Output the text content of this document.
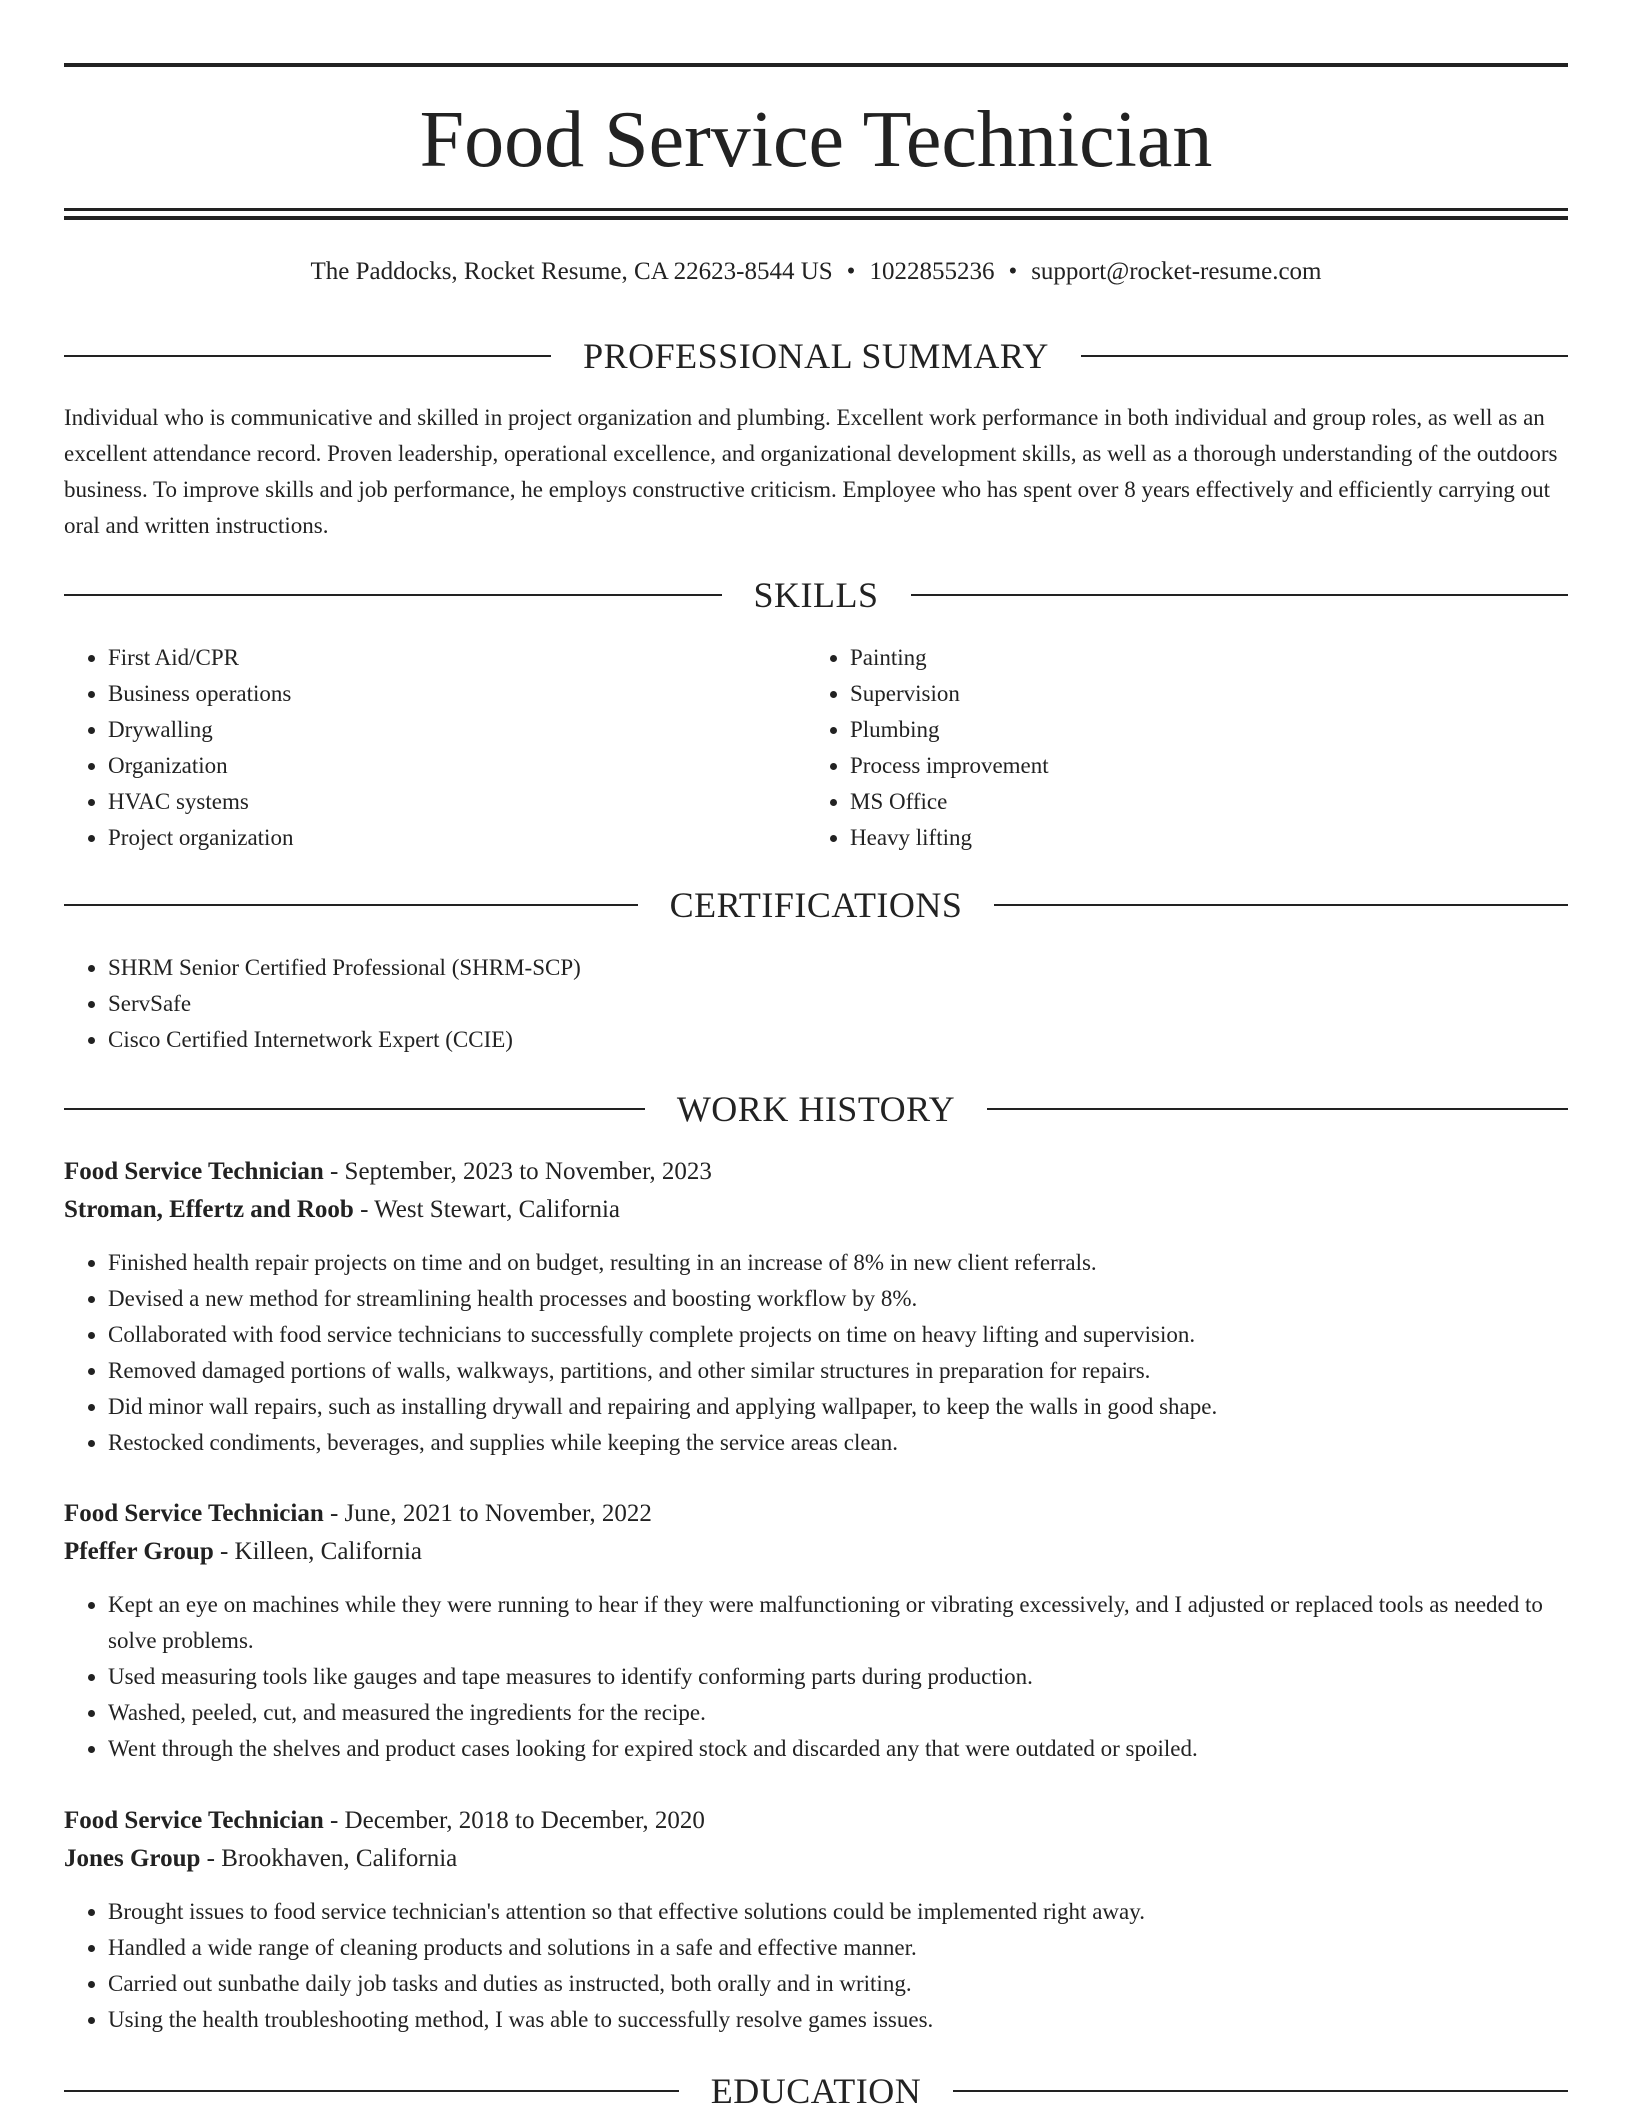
Food Service Technician
The Paddocks, Rocket Resume, CA 22623-8544 US • 1022855236 • support@rocket-resume.com
PROFESSIONAL SUMMARY

Individual who is communicative and skilled in project organization and plumbing. Excellent work performance in both individual and group roles, as well as an excellent attendance record. Proven leadership, operational excellence, and organizational development skills, as well as a thorough understanding of the outdoors business. To improve skills and job performance, he employs constructive criticism. Employee who has spent over 8 years effectively and efficiently carrying out oral and written instructions.

SKILLS
• First Aid/CPR
• Business operations
• Drywalling
• Organization
• HVAC systems
• Project organization
• Painting
• Supervision
• Plumbing
• Process improvement
• MS Office
• Heavy lifting
CERTIFICATIONS
• SHRM Senior Certified Professional (SHRM-SCP)
• ServSafe
• Cisco Certified Internetwork Expert (CCIE)
WORK HISTORY
Food Service Technician - September, 2023 to November, 2023
Stroman, Effertz and Roob - West Stewart, California
• Finished health repair projects on time and on budget, resulting in an increase of 8% in new client referrals.
• Devised a new method for streamlining health processes and boosting workflow by 8%.
• Collaborated with food service technicians to successfully complete projects on time on heavy lifting and supervision.
• Removed damaged portions of walls, walkways, partitions, and other similar structures in preparation for repairs.
• Did minor wall repairs, such as installing drywall and repairing and applying wallpaper, to keep the walls in good shape.
• Restocked condiments, beverages, and supplies while keeping the service areas clean.
Food Service Technician - June, 2021 to November, 2022
Pfeffer Group - Killeen, California
• Kept an eye on machines while they were running to hear if they were malfunctioning or vibrating excessively, and I adjusted or replaced tools as needed to solve problems.
• Used measuring tools like gauges and tape measures to identify conforming parts during production.
• Washed, peeled, cut, and measured the ingredients for the recipe.
• Went through the shelves and product cases looking for expired stock and discarded any that were outdated or spoiled.
Food Service Technician - December, 2018 to December, 2020
Jones Group - Brookhaven, California
• Brought issues to food service technician's attention so that effective solutions could be implemented right away.
• Handled a wide range of cleaning products and solutions in a safe and effective manner.
• Carried out sunbathe daily job tasks and duties as instructed, both orally and in writing.
• Using the health troubleshooting method, I was able to successfully resolve games issues.
EDUCATION
